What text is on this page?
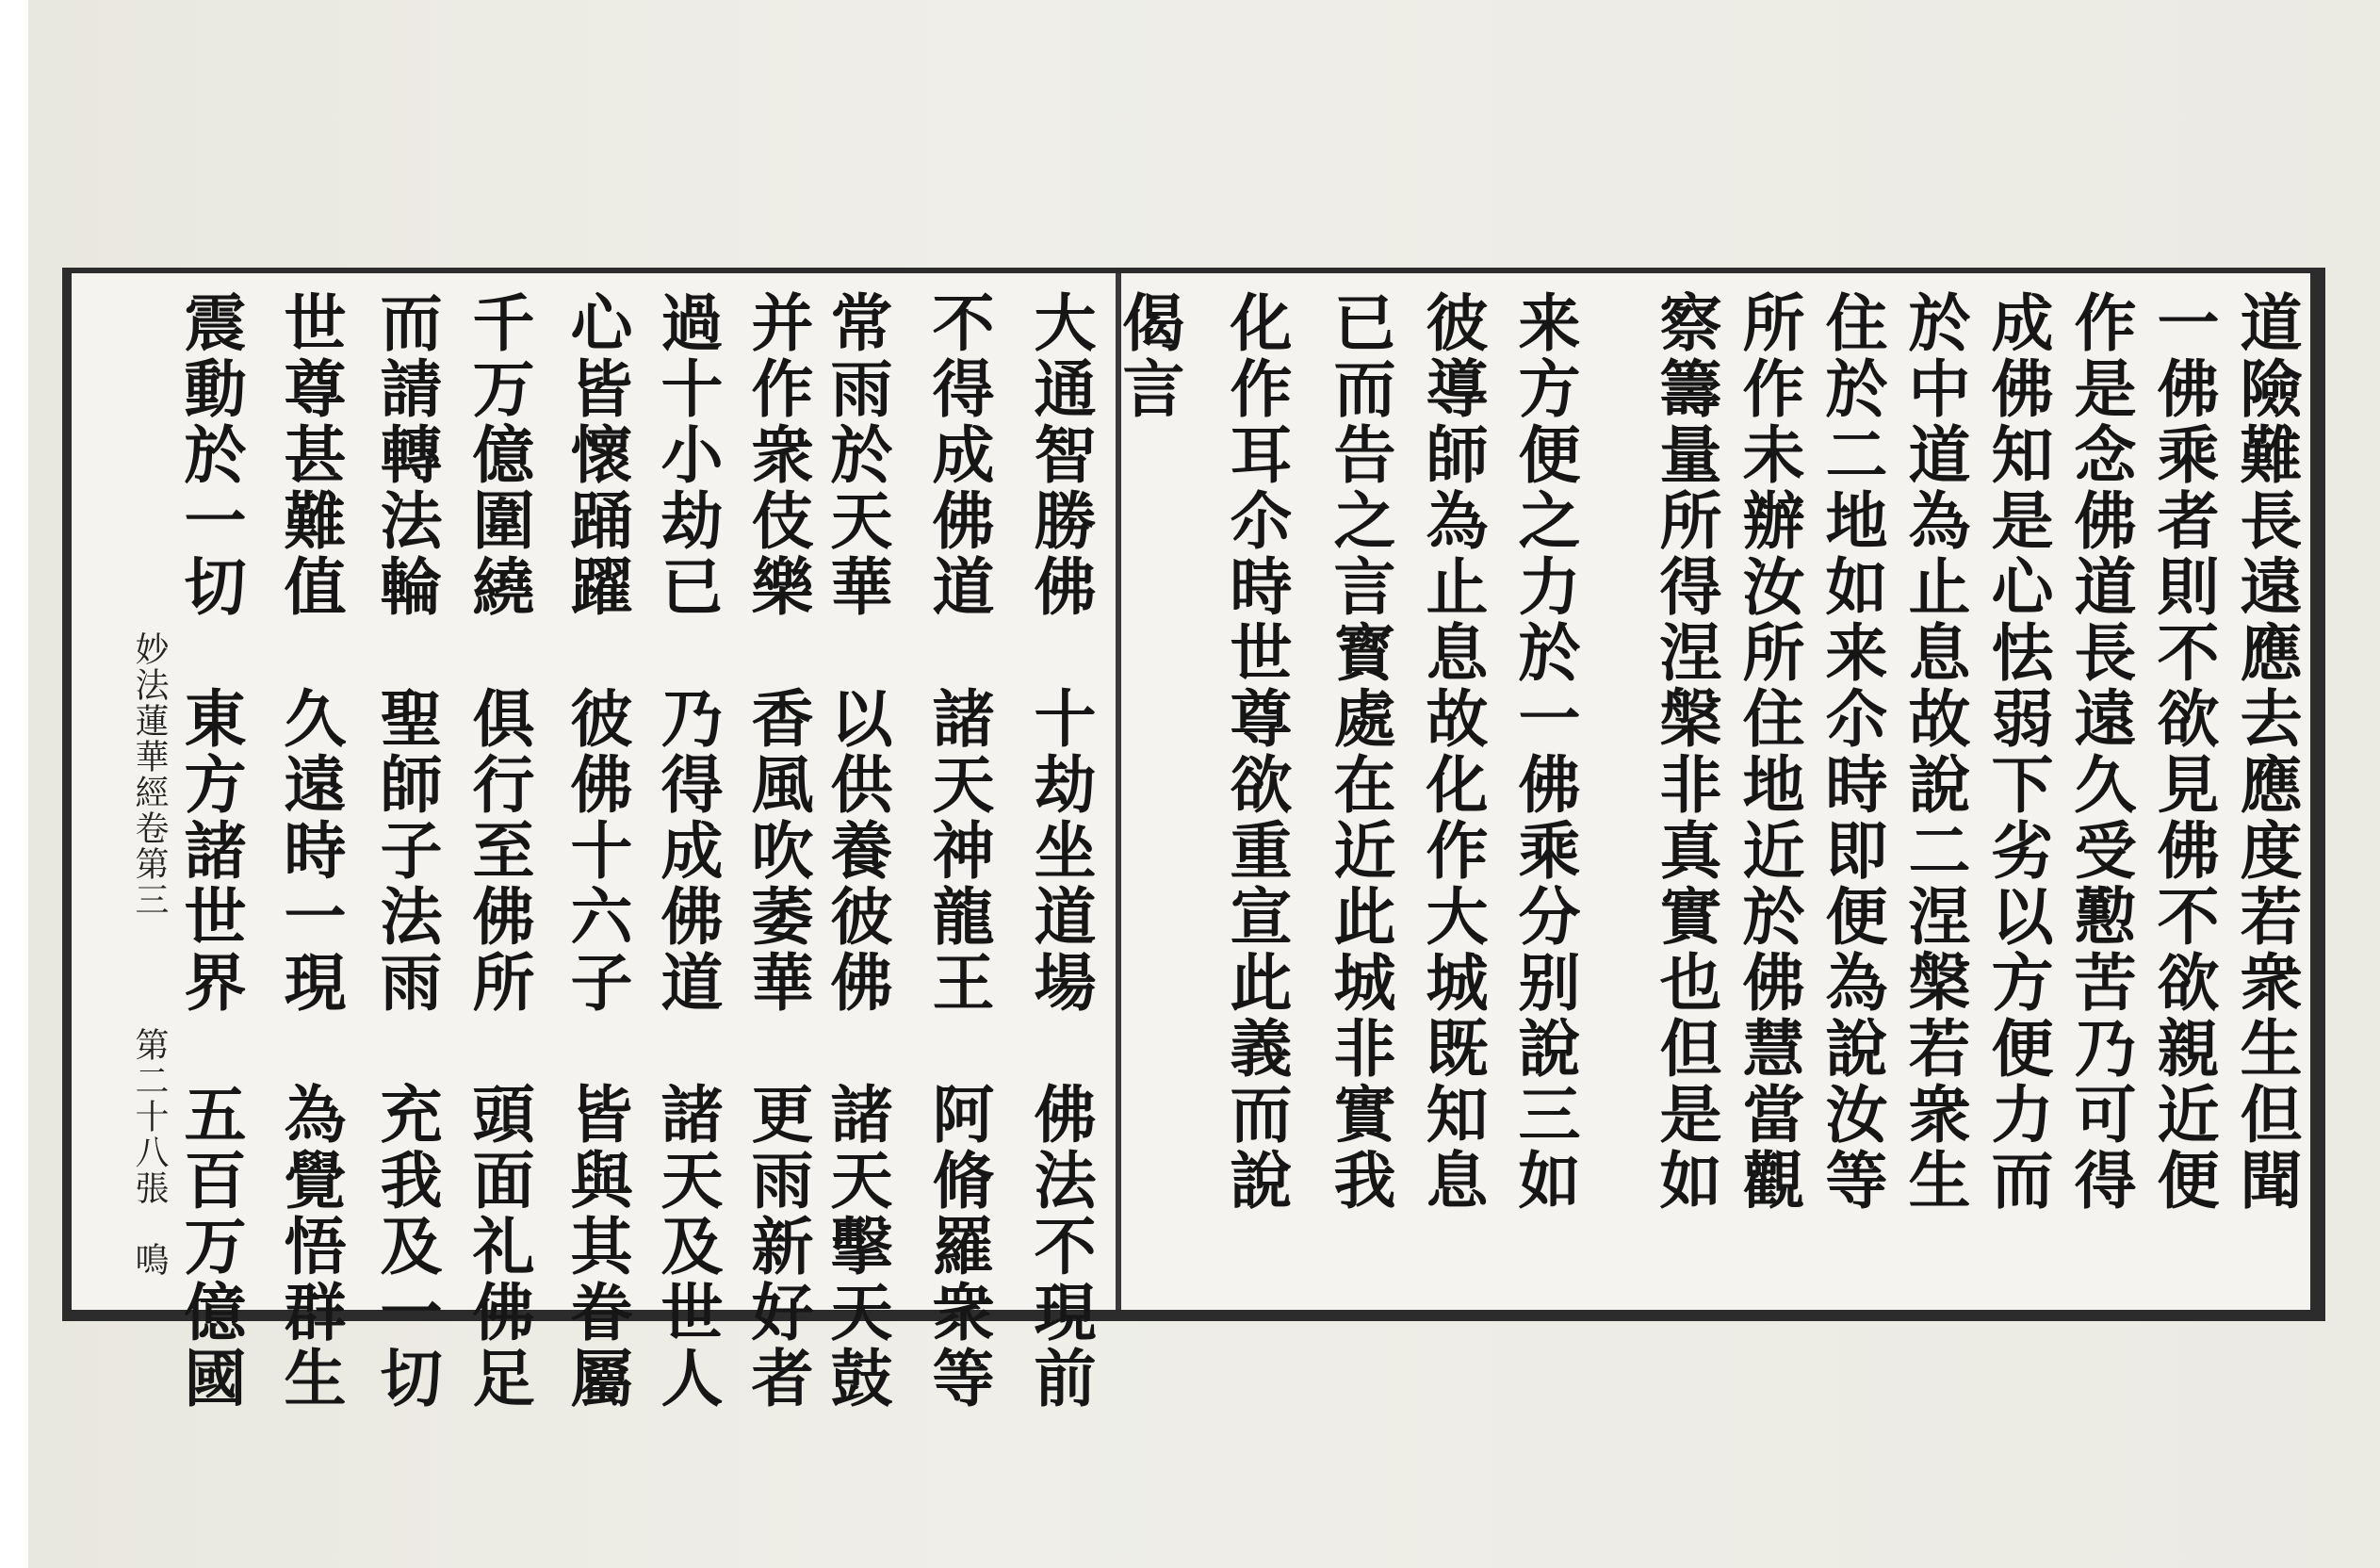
道險難長遠應去應度若衆生但聞
一佛乘者則不欲見佛不欲親近便
作是念佛道長遠久受懃苦乃可得
成佛知是心怯弱下劣以方便力而
於中道為止息故說二涅槃若衆生
住於二地如来尒時即便為說汝等
所作未辦汝所住地近於佛慧當觀
察籌量所得涅槃非真實也但是如
来方便之力於一佛乘分别說三如
彼導師為止息故化作大城既知息
已而告之言寳處在近此城非實我
化作耳尒時世尊欲重宣此義而說
偈言
大通智勝佛　十劫坐道場　佛法不現前
不得成佛道　諸天神龍王　阿脩羅衆等
常雨於天華　以供養彼佛　諸天擊天鼓
并作衆伎樂　香風吹萎華　更雨新好者
過十小劫已　乃得成佛道　諸天及世人
心皆懷踊躍　彼佛十六子　皆與其眷屬
千万億圍繞　俱行至佛所　頭面礼佛足
而請轉法輪　聖師子法雨　充我及一切
世尊甚難值　久遠時一現　為覺悟群生
震動於一切　東方諸世界　五百万億國
妙法蓮華經卷第三
第二十八張　鳴
